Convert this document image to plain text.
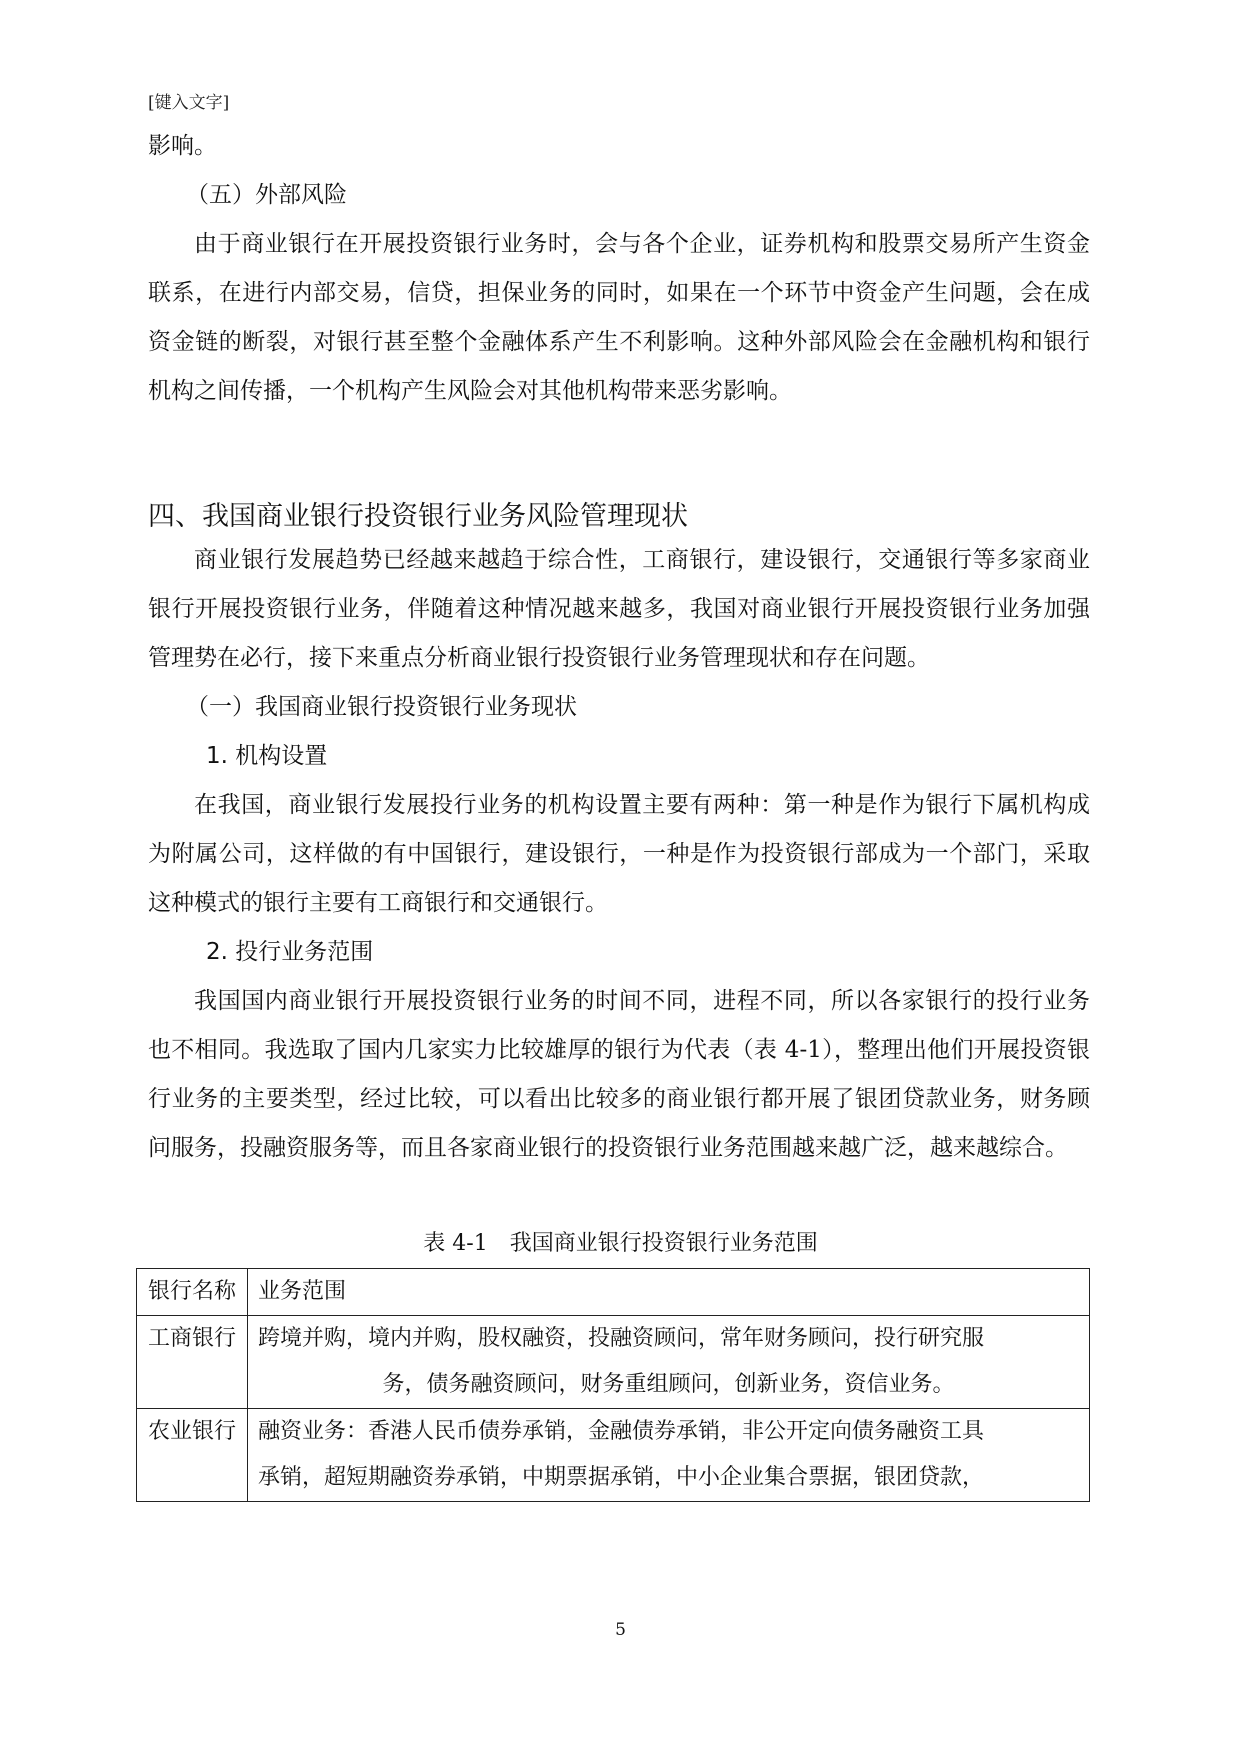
[键入文字]

影响。

（五）外部风险

由于商业银行在开展投资银行业务时，会与各个企业，证券机构和股票交易所产生资金联系，在进行内部交易，信贷，担保业务的同时，如果在一个环节中资金产生问题，会在成资金链的断裂，对银行甚至整个金融体系产生不利影响。这种外部风险会在金融机构和银行机构之间传播，一个机构产生风险会对其他机构带来恶劣影响。

四、我国商业银行投资银行业务风险管理现状

商业银行发展趋势已经越来越趋于综合性，工商银行，建设银行，交通银行等多家商业银行开展投资银行业务，伴随着这种情况越来越多，我国对商业银行开展投资银行业务加强管理势在必行，接下来重点分析商业银行投资银行业务管理现状和存在问题。

（一）我国商业银行投资银行业务现状

1. 机构设置

在我国，商业银行发展投行业务的机构设置主要有两种：第一种是作为银行下属机构成为附属公司，这样做的有中国银行，建设银行，一种是作为投资银行部成为一个部门，采取这种模式的银行主要有工商银行和交通银行。

2. 投行业务范围

我国国内商业银行开展投资银行业务的时间不同，进程不同，所以各家银行的投行业务也不相同。我选取了国内几家实力比较雄厚的银行为代表（表 4-1），整理出他们开展投资银行业务的主要类型，经过比较，可以看出比较多的商业银行都开展了银团贷款业务，财务顾问服务，投融资服务等，而且各家商业银行的投资银行业务范围越来越广泛，越来越综合。

表 4-1　我国商业银行投资银行业务范围
银行名称	业务范围
工商银行	跨境并购，境内并购，股权融资，投融资顾问，常年财务顾问，投行研究服

务，债务融资顾问，财务重组顾问，创新业务，资信业务。

农业银行	融资业务：香港人民币债券承销，金融债券承销，非公开定向债务融资工具
承销，超短期融资券承销，中期票据承销，中小企业集合票据，银团贷款，
5
